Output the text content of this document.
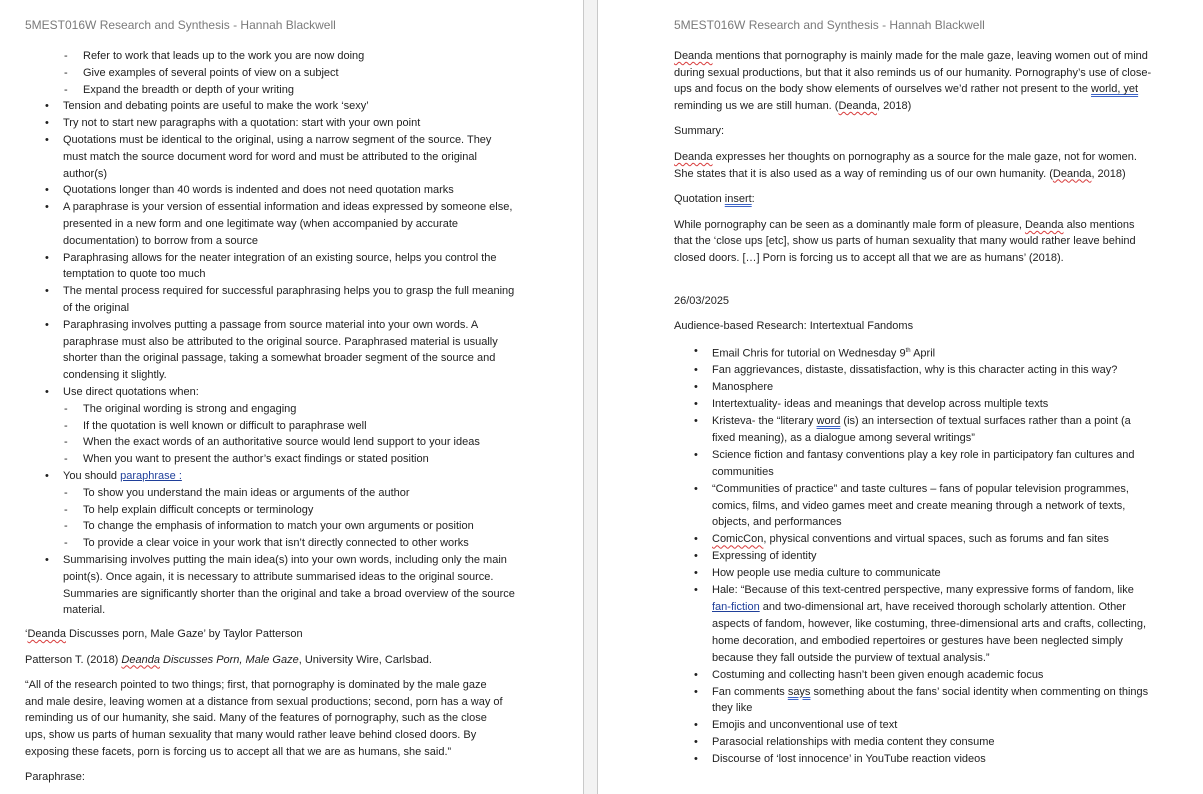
5MEST016W Research and Synthesis - Hannah Blackwell
- Refer to work that leads up to the work you are now doing
- Give examples of several points of view on a subject
- Expand the breadth or depth of your writing
• Tension and debating points are useful to make the work ‘sexy’
• Try not to start new paragraphs with a quotation: start with your own point
• Quotations must be identical to the original, using a narrow segment of the source. They must match the source document word for word and must be attributed to the original author(s)
• Quotations longer than 40 words is indented and does not need quotation marks
• A paraphrase is your version of essential information and ideas expressed by someone else, presented in a new form and one legitimate way (when accompanied by accurate documentation) to borrow from a source
• Paraphrasing allows for the neater integration of an existing source, helps you control the temptation to quote too much
• The mental process required for successful paraphrasing helps you to grasp the full meaning of the original
• Paraphrasing involves putting a passage from source material into your own words. A paraphrase must also be attributed to the original source. Paraphrased material is usually shorter than the original passage, taking a somewhat broader segment of the source and condensing it slightly.
• Use direct quotations when:
- The original wording is strong and engaging
- If the quotation is well known or difficult to paraphrase well
- When the exact words of an authoritative source would lend support to your ideas
- When you want to present the author’s exact findings or stated position
• You should paraphrase :
- To show you understand the main ideas or arguments of the author
- To help explain difficult concepts or terminology
- To change the emphasis of information to match your own arguments or position
- To provide a clear voice in your work that isn’t directly connected to other works
• Summarising involves putting the main idea(s) into your own words, including only the main point(s). Once again, it is necessary to attribute summarised ideas to the original source. Summaries are significantly shorter than the original and take a broad overview of the source material.

‘Deanda Discusses porn, Male Gaze’ by Taylor Patterson

Patterson T. (2018) Deanda Discusses Porn, Male Gaze, University Wire, Carlsbad.

“All of the research pointed to two things; first, that pornography is dominated by the male gaze and male desire, leaving women at a distance from sexual productions; second, porn has a way of reminding us of our humanity, she said. Many of the features of pornography, such as the close ups, show us parts of human sexuality that many would rather leave behind closed doors. By exposing these facets, porn is forcing us to accept all that we are as humans, she said.”

Paraphrase:

5MEST016W Research and Synthesis - Hannah Blackwell

Deanda mentions that pornography is mainly made for the male gaze, leaving women out of mind during sexual productions, but that it also reminds us of our humanity. Pornography’s use of close-ups and focus on the body show elements of ourselves we’d rather not present to the world, yet reminding us we are still human. (Deanda, 2018)

Summary:

Deanda expresses her thoughts on pornography as a source for the male gaze, not for women. She states that it is also used as a way of reminding us of our own humanity. (Deanda, 2018)

Quotation insert:

While pornography can be seen as a dominantly male form of pleasure, Deanda also mentions that the ‘close ups [etc], show us parts of human sexuality that many would rather leave behind closed doors. […] Porn is forcing us to accept all that we are as humans’ (2018).

26/03/2025

Audience-based Research: Intertextual Fandoms

• Email Chris for tutorial on Wednesday 9th April
• Fan aggrievances, distaste, dissatisfaction, why is this character acting in this way?
• Manosphere
• Intertextuality- ideas and meanings that develop across multiple texts
• Kristeva- the “literary word (is) an intersection of textual surfaces rather than a point (a fixed meaning), as a dialogue among several writings”
• Science fiction and fantasy conventions play a key role in participatory fan cultures and communities
• “Communities of practice” and taste cultures – fans of popular television programmes, comics, films, and video games meet and create meaning through a network of texts, objects, and performances
• ComicCon, physical conventions and virtual spaces, such as forums and fan sites
• Expressing of identity
• How people use media culture to communicate
• Hale: “Because of this text-centred perspective, many expressive forms of fandom, like fan-fiction and two-dimensional art, have received thorough scholarly attention. Other aspects of fandom, however, like costuming, three-dimensional arts and crafts, collecting, home decoration, and embodied repertoires or gestures have been neglected simply because they fall outside the purview of textual analysis.”
• Costuming and collecting hasn’t been given enough academic focus
• Fan comments says something about the fans’ social identity when commenting on things they like
• Emojis and unconventional use of text
• Parasocial relationships with media content they consume
• Discourse of ‘lost innocence’ in YouTube reaction videos
